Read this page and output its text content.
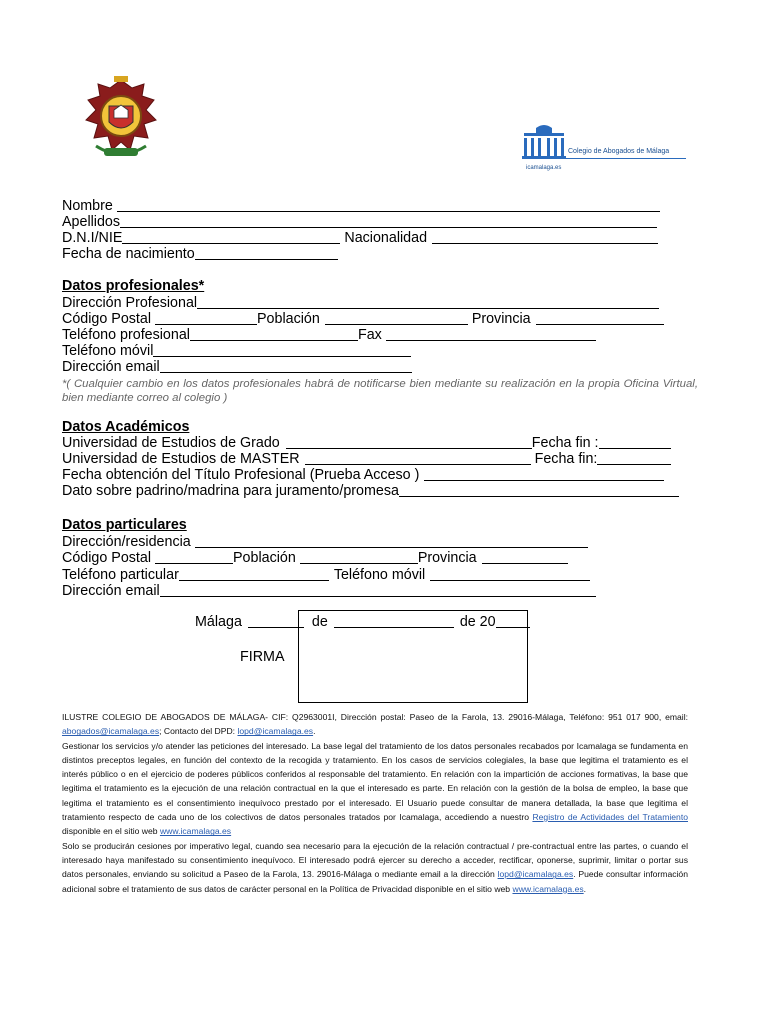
Colegio de Abogados de Málaga
icamalaga.es
Nombre
Apellidos
D.N.I/NIE	Nacionalidad
Fecha de nacimiento
Datos profesionales*
Dirección Profesional
Código Postal	Población	Provincia
Teléfono profesional	Fax
Teléfono móvil
Dirección email
*( Cualquier cambio en los datos profesionales habrá de notificarse bien mediante su realización en la propia Oficina Virtual, bien mediante correo al colegio )
Datos Académicos
Universidad de Estudios de Grado	Fecha fin :
Universidad de Estudios de MASTER	Fecha fin:
Fecha obtención del Título Profesional (Prueba Acceso )
Dato sobre padrino/madrina para juramento/promesa
Datos particulares
Dirección/residencia
Código Postal	Población	Provincia
Teléfono particular	Teléfono móvil
Dirección email
Málaga	de	de 20
FIRMA

ILUSTRE COLEGIO DE ABOGADOS DE MÁLAGA- CIF: Q2963001I, Dirección postal: Paseo de la Farola, 13. 29016-Málaga, Teléfono: 951 017 900, email: abogados@icamalaga.es; Contacto del DPD: lopd@icamalaga.es.

Gestionar los servicios y/o atender las peticiones del interesado. La base legal del tratamiento de los datos personales recabados por Icamalaga se fundamenta en distintos preceptos legales, en función del contexto de la recogida y tratamiento. En los casos de servicios colegiales, la base que legitima el tratamiento es el interés público o en el ejercicio de poderes públicos conferidos al responsable del tratamiento. En relación con la impartición de acciones formativas, la base que legitima el tratamiento es la ejecución de una relación contractual en la que el interesado es parte. En relación con la gestión de la bolsa de empleo, la base que legitima el tratamiento es el consentimiento inequívoco prestado por el interesado. El Usuario puede consultar de manera detallada, la base que legitima el tratamiento respecto de cada uno de los colectivos de datos personales tratados por Icamalaga, accediendo a nuestro Registro de Actividades del Tratamiento disponible en el sitio web www.icamalaga.es

Solo se producirán cesiones por imperativo legal, cuando sea necesario para la ejecución de la relación contractual / pre-contractual entre las partes, o cuando el interesado haya manifestado su consentimiento inequívoco. El interesado podrá ejercer su derecho a acceder, rectificar, oponerse, suprimir, limitar o portar sus datos personales, enviando su solicitud a Paseo de la Farola, 13. 29016-Málaga o mediante email a la dirección lopd@icamalaga.es. Puede consultar información adicional sobre el tratamiento de sus datos de carácter personal en la Política de Privacidad disponible en el sitio web www.icamalaga.es.
